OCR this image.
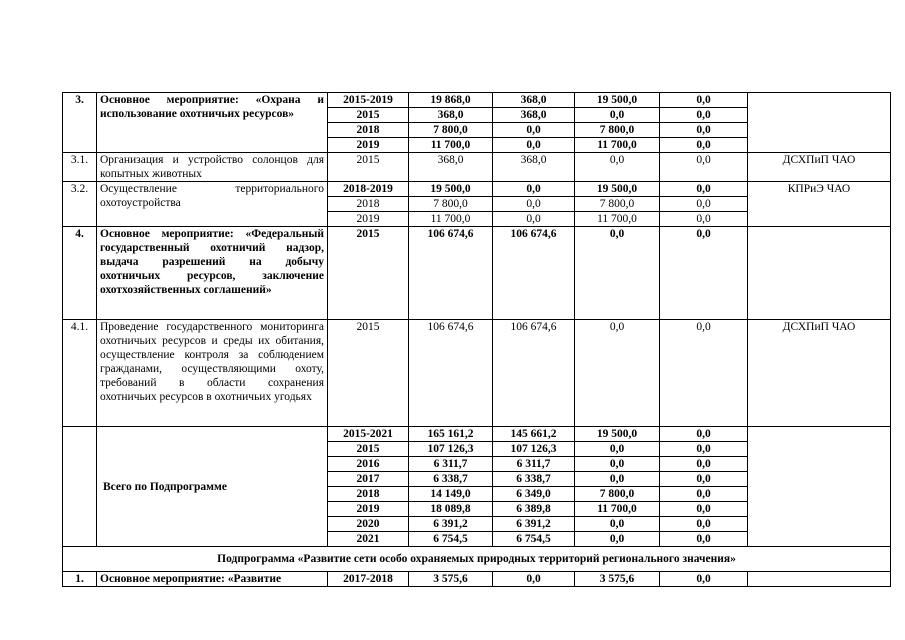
3.	Основное мероприятие: «Охрана и использование охотничьих ресурсов»	2015-2019	19 868,0	368,0	19 500,0	0,0	
		2015	368,0	368,0	0,0	0,0	
		2018	7 800,0	0,0	7 800,0	0,0	
		2019	11 700,0	0,0	11 700,0	0,0	
3.1.	Организация и устройство солонцов для копытных животных	2015	368,0	368,0	0,0	0,0	ДСХПиП ЧАО
3.2.	Осуществление территориального охотоустройства	2018-2019	19 500,0	0,0	19 500,0	0,0	КПРиЭ ЧАО
		2018	7 800,0	0,0	7 800,0	0,0	
		2019	11 700,0	0,0	11 700,0	0,0	
4.	Основное мероприятие: «Федеральный государственный охотничий надзор, выдача разрешений на добычу охотничьих ресурсов, заключение охотхозяйственных соглашений»	2015	106 674,6	106 674,6	0,0	0,0	
4.1.	Проведение государственного мониторинга охотничьих ресурсов и среды их обитания, осуществление контроля за соблюдением гражданами, осуществляющими охоту, требований в области сохранения охотничьих ресурсов в охотничьих угодьях	2015	106 674,6	106 674,6	0,0	0,0	ДСХПиП ЧАО
	Всего по Подпрограмме	2015-2021	165 161,2	145 661,2	19 500,0	0,0	
		2015	107 126,3	107 126,3	0,0	0,0	
		2016	6 311,7	6 311,7	0,0	0,0	
		2017	6 338,7	6 338,7	0,0	0,0	
		2018	14 149,0	6 349,0	7 800,0	0,0	
		2019	18 089,8	6 389,8	11 700,0	0,0	
		2020	6 391,2	6 391,2	0,0	0,0	
		2021	6 754,5	6 754,5	0,0	0,0	
Подпрограмма «Развитие сети особо охраняемых природных территорий регионального значения»							
1.	Основное мероприятие: «Развитие	2017-2018	3 575,6	0,0	3 575,6	0,0	
